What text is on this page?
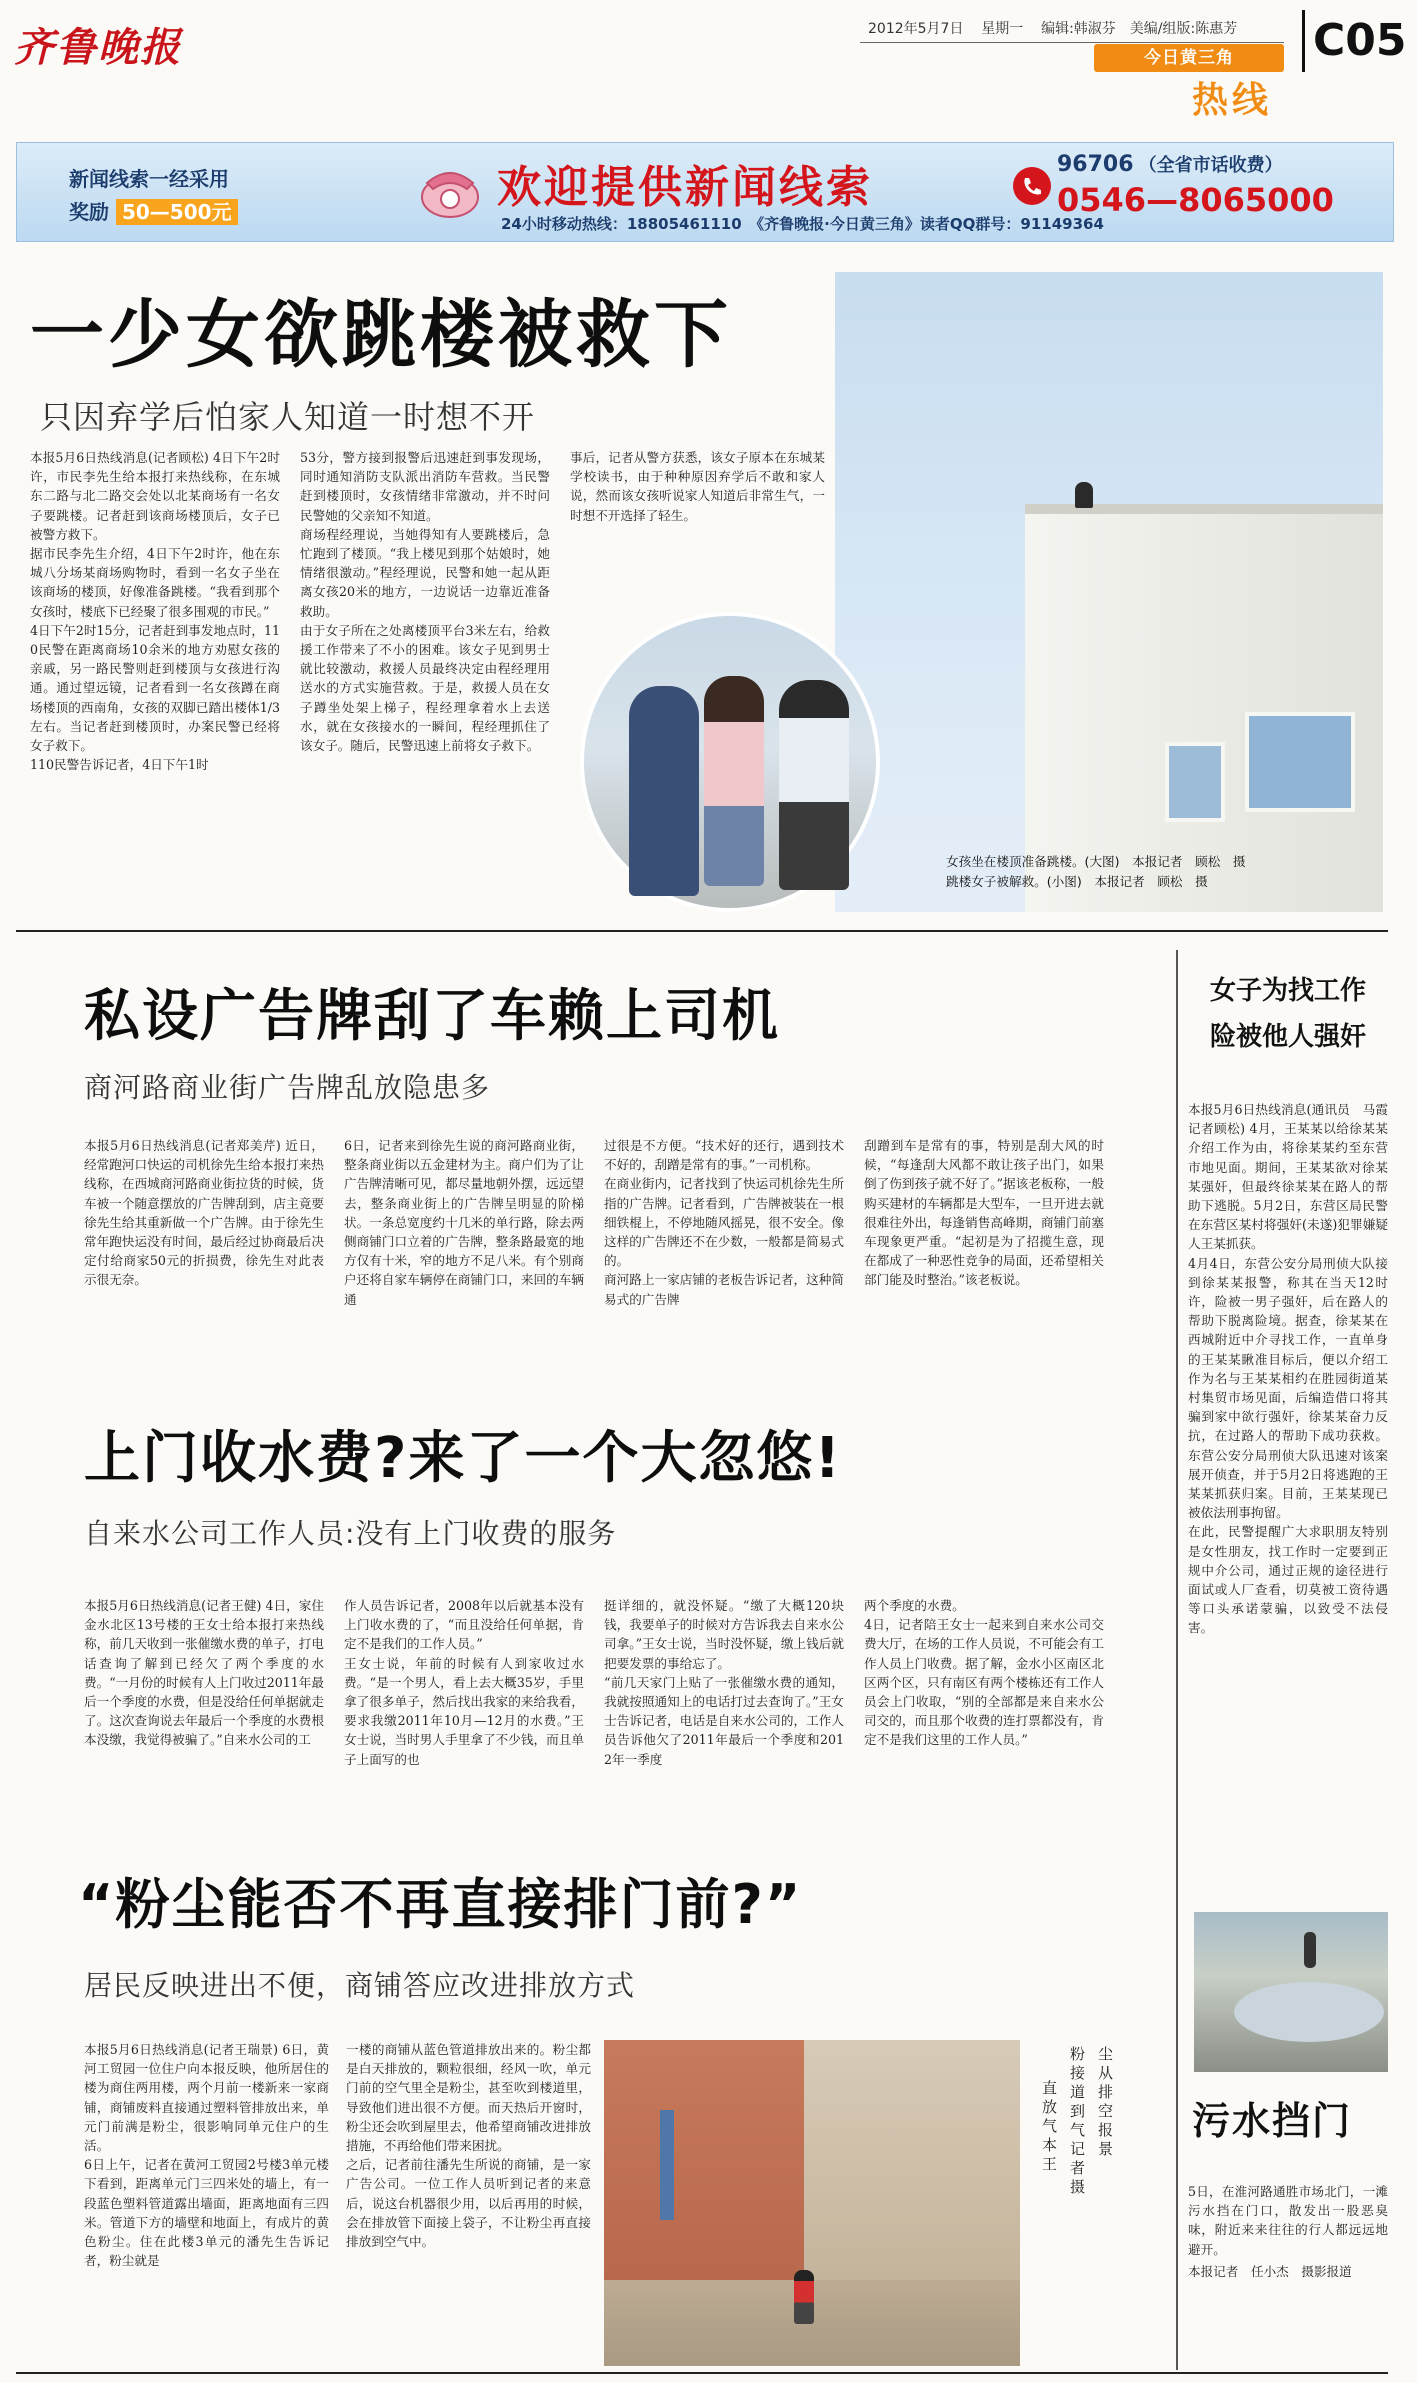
齐鲁晚报	2012年5月7日 星期一 编辑:韩淑芬　美编/组版:陈惠芳
今日黄三角
热线
C05
新闻线索一经采用
奖励 50—500元	欢迎提供新闻线索	96706 （全省市话收费）
0546—8065000
24小时移动热线：18805461110　《齐鲁晚报·今日黄三角》读者QQ群号：91149364
一少女欲跳楼被救下
只因弃学后怕家人知道一时想不开
本报5月6日热线消息(记者顾松) 4日下午2时许，市民李先生给本报打来热线称，在东城东二路与北二路交会处以北某商场有一名女子要跳楼。记者赶到该商场楼顶后，女子已被警方救下。
据市民李先生介绍，4日下午2时许，他在东城八分场某商场购物时，看到一名女子坐在该商场的楼顶，好像准备跳楼。“我看到那个女孩时，楼底下已经聚了很多围观的市民。”
4日下午2时15分，记者赶到事发地点时，110民警在距离商场10余米的地方劝慰女孩的亲戚，另一路民警则赶到楼顶与女孩进行沟通。通过望远镜，记者看到一名女孩蹲在商场楼顶的西南角，女孩的双脚已踏出楼体1/3左右。当记者赶到楼顶时，办案民警已经将女子救下。
110民警告诉记者，4日下午1时
53分，警方接到报警后迅速赶到事发现场，同时通知消防支队派出消防车营救。当民警赶到楼顶时，女孩情绪非常激动，并不时问民警她的父亲知不知道。
商场程经理说，当她得知有人要跳楼后，急忙跑到了楼顶。“我上楼见到那个姑娘时，她情绪很激动。”程经理说，民警和她一起从距离女孩20米的地方，一边说话一边靠近准备救助。
由于女子所在之处离楼顶平台3米左右，给救援工作带来了不小的困难。该女子见到男士就比较激动，救援人员最终决定由程经理用送水的方式实施营救。于是，救援人员在女子蹲坐处架上梯子，程经理拿着水上去送水，就在女孩接水的一瞬间，程经理抓住了该女子。随后，民警迅速上前将女子救下。
事后，记者从警方获悉，该女子原本在东城某学校读书，由于种种原因弃学后不敢和家人说，然而该女孩听说家人知道后非常生气，一时想不开选择了轻生。
女孩坐在楼顶准备跳楼。(大图)　本报记者　顾松　摄
跳楼女子被解救。(小图)　本报记者　顾松　摄
私设广告牌刮了车赖上司机
商河路商业街广告牌乱放隐患多
本报5月6日热线消息(记者郑美芹) 近日，经常跑河口快运的司机徐先生给本报打来热线称，在西城商河路商业街拉货的时候，货车被一个随意摆放的广告牌刮到，店主竟要徐先生给其重新做一个广告牌。由于徐先生常年跑快运没有时间，最后经过协商最后决定付给商家50元的折损费，徐先生对此表示很无奈。
6日，记者来到徐先生说的商河路商业街，整条商业街以五金建材为主。商户们为了让广告牌清晰可见，都尽量地朝外摆，远远望去，整条商业街上的广告牌呈明显的阶梯状。一条总宽度约十几米的单行路，除去两侧商铺门口立着的广告牌，整条路最宽的地方仅有十米，窄的地方不足八米。有个别商户还将自家车辆停在商铺门口，来回的车辆通
过很是不方便。“技术好的还行，遇到技术不好的，刮蹭是常有的事。”一司机称。
在商业街内，记者找到了快运司机徐先生所指的广告牌。记者看到，广告牌被装在一根细铁棍上，不停地随风摇晃，很不安全。像这样的广告牌还不在少数，一般都是简易式的。
商河路上一家店铺的老板告诉记者，这种简易式的广告牌
刮蹭到车是常有的事，特别是刮大风的时候，“每逢刮大风都不敢让孩子出门，如果倒了伤到孩子就不好了。”据该老板称，一般购买建材的车辆都是大型车，一旦开进去就很难往外出，每逢销售高峰期，商铺门前塞车现象更严重。“起初是为了招揽生意，现在都成了一种恶性竞争的局面，还希望相关部门能及时整治。”该老板说。
上门收水费?来了一个大忽悠!
自来水公司工作人员:没有上门收费的服务
本报5月6日热线消息(记者王健) 4日，家住金水北区13号楼的王女士给本报打来热线称，前几天收到一张催缴水费的单子，打电话查询了解到已经欠了两个季度的水费。“一月份的时候有人上门收过2011年最后一个季度的水费，但是没给任何单据就走了。这次查询说去年最后一个季度的水费根本没缴，我觉得被骗了。”自来水公司的工
作人员告诉记者，2008年以后就基本没有上门收水费的了，“而且没给任何单据，肯定不是我们的工作人员。”
王女士说，年前的时候有人到家收过水费。“是一个男人，看上去大概35岁，手里拿了很多单子，然后找出我家的来给我看，要求我缴2011年10月—12月的水费。”王女士说，当时男人手里拿了不少钱，而且单子上面写的也
挺详细的，就没怀疑。“缴了大概120块钱，我要单子的时候对方告诉我去自来水公司拿。”王女士说，当时没怀疑，缴上钱后就把要发票的事给忘了。
“前几天家门上贴了一张催缴水费的通知，我就按照通知上的电话打过去查询了。”王女士告诉记者，电话是自来水公司的，工作人员告诉他欠了2011年最后一个季度和2012年一季度
两个季度的水费。
4日，记者陪王女士一起来到自来水公司交费大厅，在场的工作人员说，不可能会有工作人员上门收费。据了解，金水小区南区北区两个区，只有南区有两个楼栋还有工作人员会上门收取，“别的全部都是来自来水公司交的，而且那个收费的连打票都没有，肯定不是我们这里的工作人员。”
“粉尘能否不再直接排门前?”
居民反映进出不便，商铺答应改进排放方式
本报5月6日热线消息(记者王瑞景) 6日，黄河工贸园一位住户向本报反映，他所居住的楼为商住两用楼，两个月前一楼新来一家商铺，商铺废料直接通过塑料管排放出来，单元门前满是粉尘，很影响同单元住户的生活。
6日上午，记者在黄河工贸园2号楼3单元楼下看到，距离单元门三四米处的墙上，有一段蓝色塑料管道露出墙面，距离地面有三四米。管道下方的墙壁和地面上，有成片的黄色粉尘。住在此楼3单元的潘先生告诉记者，粉尘就是
一楼的商铺从蓝色管道排放出来的。粉尘都是白天排放的，颗粒很细，经风一吹，单元门前的空气里全是粉尘，甚至吹到楼道里，导致他们进出很不方便。而天热后开窗时，粉尘还会吹到屋里去，他希望商铺改进排放措施，不再给他们带来困扰。
之后，记者前往潘先生所说的商铺，是一家广告公司。一位工作人员听到记者的来意后，说这台机器很少用，以后再用的时候，会在排放管下面接上袋子，不让粉尘再直接排放到空气中。
尘从排空报景
粉接道到气记者摄
直放气本王
女子为找工作
险被他人强奸
本报5月6日热线消息(通讯员　马霞　记者顾松) 4月，王某某以给徐某某介绍工作为由，将徐某某约至东营市地见面。期间，王某某欲对徐某某强奸，但最终徐某某在路人的帮助下逃脱。5月2日，东营区局民警在东营区某村将强奸(未遂)犯罪嫌疑人王某抓获。
4月4日，东营公安分局刑侦大队接到徐某某报警，称其在当天12时许，险被一男子强奸，后在路人的帮助下脱离险境。据查，徐某某在西城附近中介寻找工作，一直单身的王某某瞅准目标后，便以介绍工作为名与王某某相约在胜园街道某村集贸市场见面，后编造借口将其骗到家中欲行强奸，徐某某奋力反抗，在过路人的帮助下成功获救。东营公安分局刑侦大队迅速对该案展开侦查，并于5月2日将逃跑的王某某抓获归案。目前，王某某现已被依法刑事拘留。
在此，民警提醒广大求职朋友特别是女性朋友，找工作时一定要到正规中介公司，通过正规的途径进行面试或人厂查看，切莫被工资待遇等口头承诺蒙骗，以致受不法侵害。
污水挡门
5日，在淮河路通胜市场北门，一滩污水挡在门口，散发出一股恶臭味，附近来来往往的行人都远远地避开。
本报记者　任小杰　摄影报道
